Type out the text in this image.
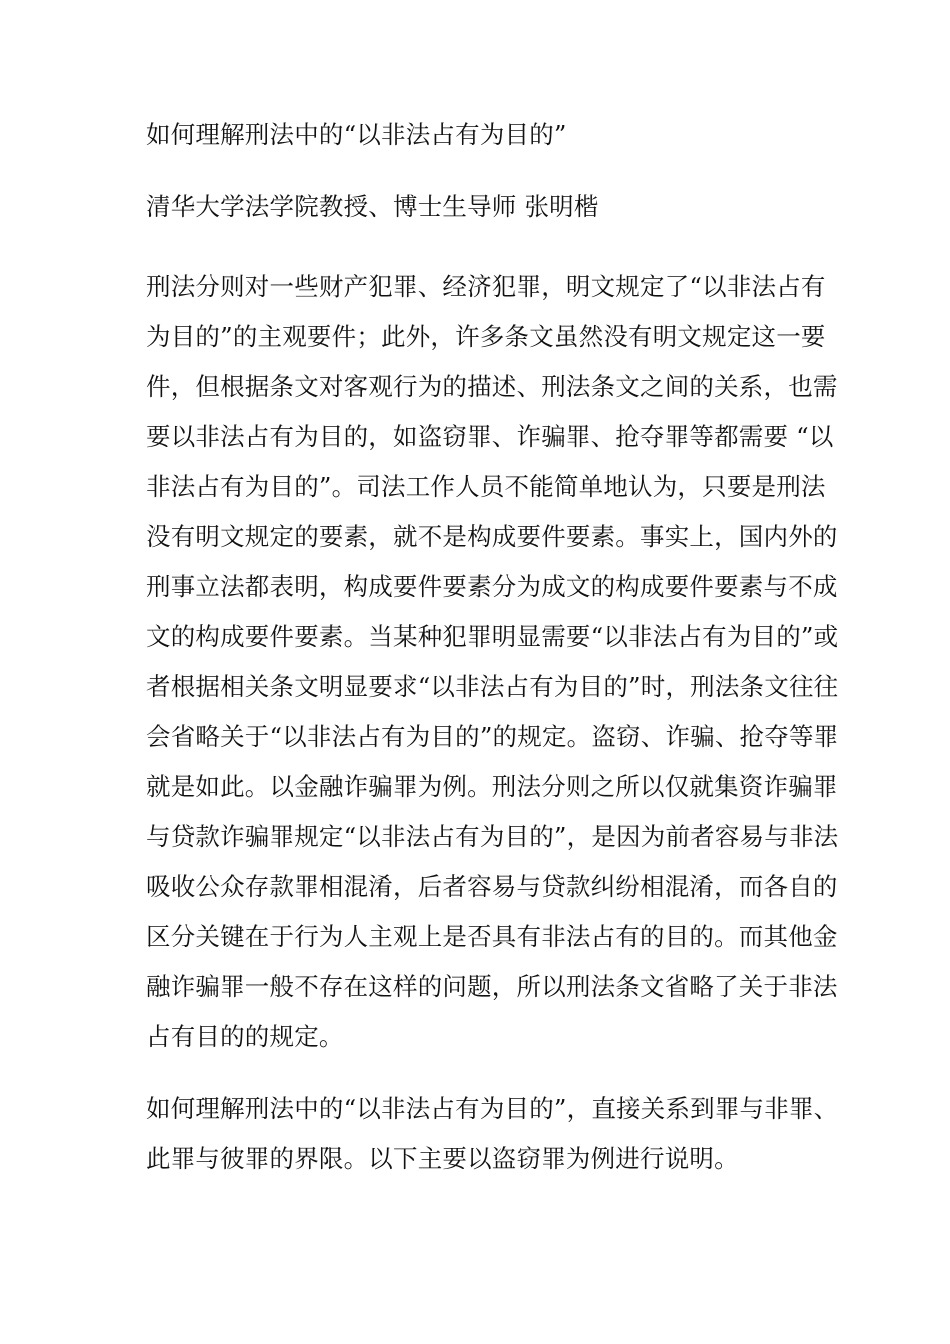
如何理解刑法中的“以非法占有为目的”
清华大学法学院教授、博士生导师 张明楷
刑法分则对一些财产犯罪、经济犯罪，明文规定了“以非法占有
为目的”的主观要件；此外，许多条文虽然没有明文规定这一要
件，但根据条文对客观行为的描述、刑法条文之间的关系，也需
要以非法占有为目的，如盗窃罪、诈骗罪、抢夺罪等都需要 “以
非法占有为目的”。司法工作人员不能简单地认为，只要是刑法
没有明文规定的要素，就不是构成要件要素。事实上，国内外的
刑事立法都表明，构成要件要素分为成文的构成要件要素与不成
文的构成要件要素。当某种犯罪明显需要“以非法占有为目的”或
者根据相关条文明显要求“以非法占有为目的”时，刑法条文往往
会省略关于“以非法占有为目的”的规定。盗窃、诈骗、抢夺等罪
就是如此。以金融诈骗罪为例。刑法分则之所以仅就集资诈骗罪
与贷款诈骗罪规定“以非法占有为目的”，是因为前者容易与非法
吸收公众存款罪相混淆，后者容易与贷款纠纷相混淆，而各自的
区分关键在于行为人主观上是否具有非法占有的目的。而其他金
融诈骗罪一般不存在这样的问题，所以刑法条文省略了关于非法
占有目的的规定。
如何理解刑法中的“以非法占有为目的”，直接关系到罪与非罪、
此罪与彼罪的界限。以下主要以盗窃罪为例进行说明。
